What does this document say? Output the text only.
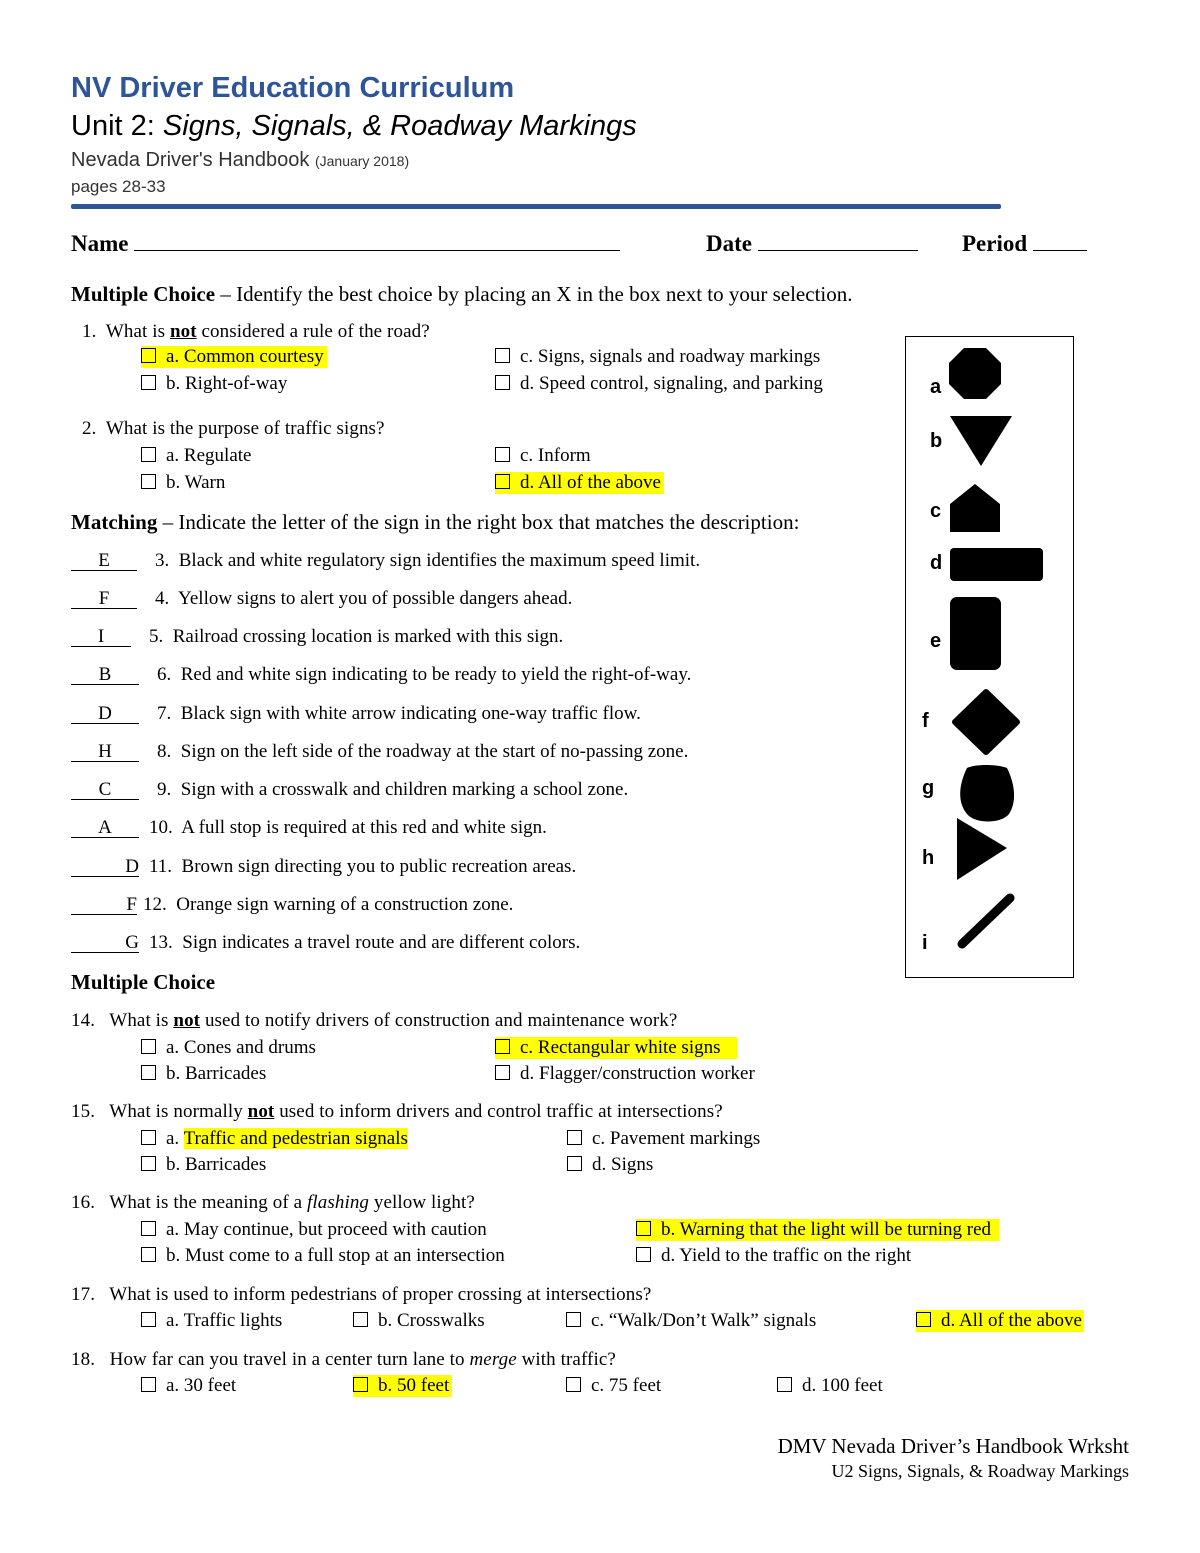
NV Driver Education Curriculum
Unit 2: Signs, Signals, & Roadway Markings
Nevada Driver's Handbook (January 2018)
pages 28-33
Name	Date	Period
Multiple Choice – Identify the best choice by placing an X in the box next to your selection.
1. What is not considered a rule of the road?
a. Common courtesy
b. Right-of-way
c. Signs, signals and roadway markings
d. Speed control, signaling, and parking
2. What is the purpose of traffic signs?
a. Regulate
b. Warn
c. Inform
d. All of the above
Matching – Indicate the letter of the sign in the right box that matches the description:
E 3. Black and white regulatory sign identifies the maximum speed limit.
F 4. Yellow signs to alert you of possible dangers ahead.
I 5. Railroad crossing location is marked with this sign.
B 6. Red and white sign indicating to be ready to yield the right-of-way.
D 7. Black sign with white arrow indicating one-way traffic flow.
H 8. Sign on the left side of the roadway at the start of no-passing zone.
C 9. Sign with a crosswalk and children marking a school zone.
A 10. A full stop is required at this red and white sign.
D 11. Brown sign directing you to public recreation areas.
F 12. Orange sign warning of a construction zone.
G 13. Sign indicates a travel route and are different colors.
a
b
c
d
e
f
g
h
i
Multiple Choice
14. What is not used to notify drivers of construction and maintenance work?
a. Cones and drums
b. Barricades
c. Rectangular white signs
d. Flagger/construction worker
15. What is normally not used to inform drivers and control traffic at intersections?
a. Traffic and pedestrian signals
b. Barricades
c. Pavement markings
d. Signs
16. What is the meaning of a flashing yellow light?
a. May continue, but proceed with caution
b. Must come to a full stop at an intersection
b. Warning that the light will be turning red
d. Yield to the traffic on the right
17. What is used to inform pedestrians of proper crossing at intersections?
a. Traffic lights	b. Crosswalks	c. “Walk/Don’t Walk” signals	d. All of the above
18. How far can you travel in a center turn lane to merge with traffic?
a. 30 feet	b. 50 feet	c. 75 feet	d. 100 feet
DMV Nevada Driver’s Handbook Wrksht
U2 Signs, Signals, & Roadway Markings
